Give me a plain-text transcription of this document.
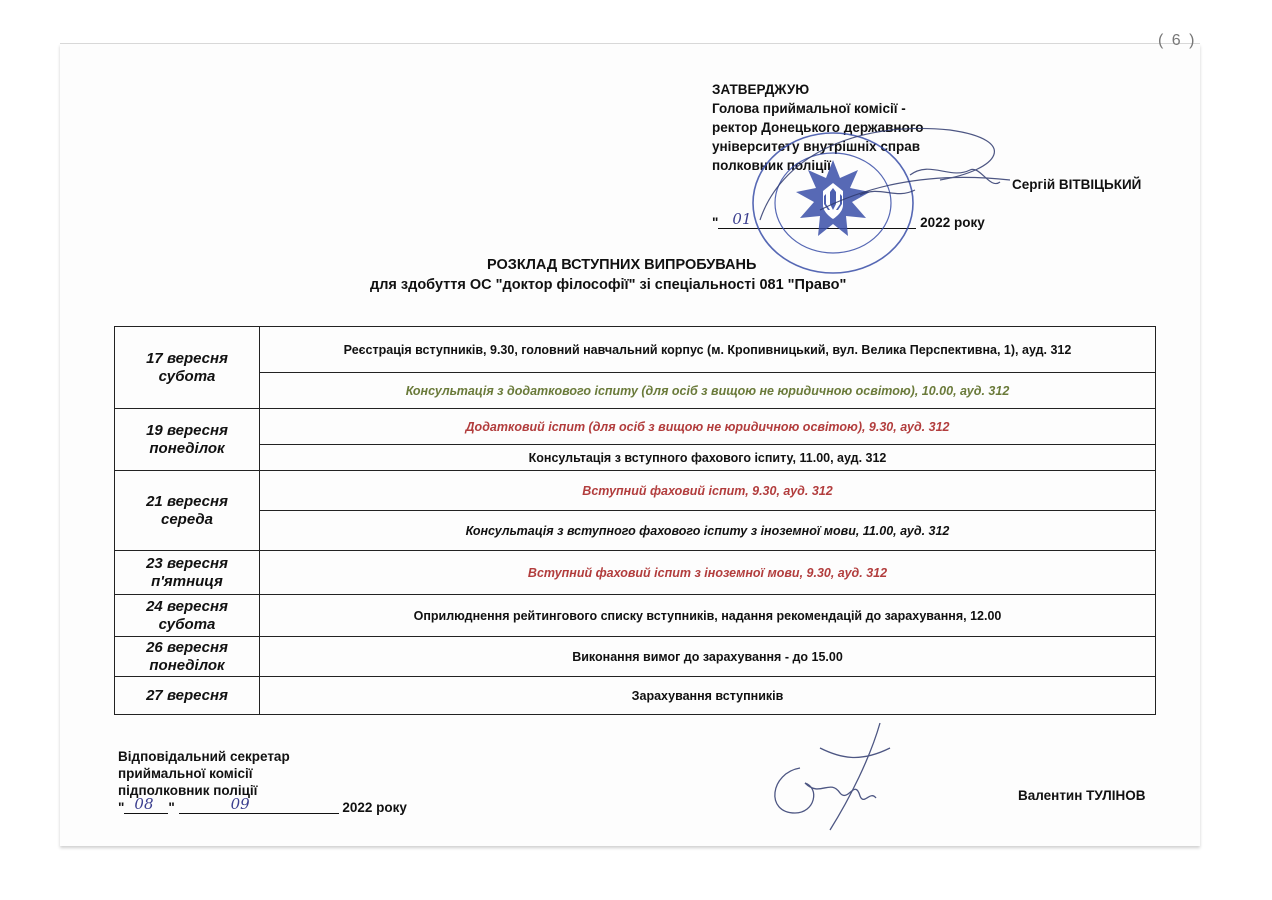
( 6 )
ЗАТВЕРДЖУЮ
Голова приймальної комісії -
ректор Донецького державного
університету внутрішніх справ
полковник поліції
Сергій ВІТВІЦЬКИЙ
" 01	2022 року
РОЗКЛАД ВСТУПНИХ ВИПРОБУВАНЬ
для здобуття ОС "доктор філософії" зі спеціальності 081 "Право"
17 вересня
субота	Реєстрація вступників, 9.30, головний навчальний корпус (м. Кропивницький, вул. Велика Перспективна, 1), ауд. 312
	Консультація з додаткового іспиту (для осіб з вищою не юридичною освітою), 10.00, ауд. 312

19 вересня
понеділок	Додатковий іспит (для осіб з вищою не юридичною освітою), 9.30, ауд. 312
	Консультація з вступного фахового іспиту, 11.00, ауд. 312

21 вересня
середа	Вступний фаховий іспит, 9.30, ауд. 312
	Консультація з вступного фахового іспиту з іноземної мови, 11.00, ауд. 312

23 вересня
п'ятниця	Вступний фаховий іспит з іноземної мови, 9.30, ауд. 312

24 вересня
субота	Оприлюднення рейтингового списку вступників, надання рекомендацій до зарахування, 12.00

26 вересня
понеділок	Виконання вимог до зарахування - до 15.00

27 вересня	Зарахування вступників
Відповідальний секретар
приймальної комісії
підполковник поліції
" 08 "	09	2022 року
Валентин ТУЛІНОВ
